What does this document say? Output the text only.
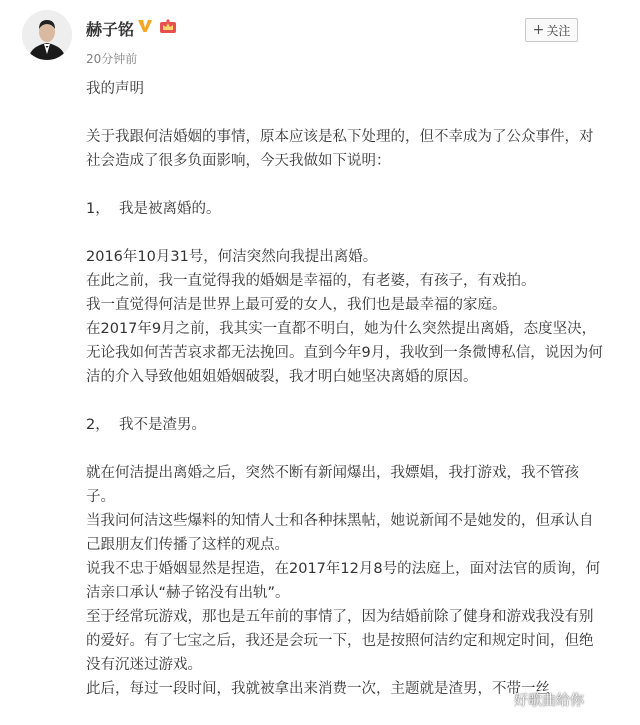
赫子铭
20分钟前
+ 关注

我的声明

关于我跟何洁婚姻的事情，原本应该是私下处理的，但不幸成为了公众事件，对

社会造成了很多负面影响，今天我做如下说明：

1，  我是被离婚的。

2016年10月31号，何洁突然向我提出离婚。

在此之前，我一直觉得我的婚姻是幸福的，有老婆，有孩子，有戏拍。

我一直觉得何洁是世界上最可爱的女人，我们也是最幸福的家庭。

在2017年9月之前，我其实一直都不明白，她为什么突然提出离婚，态度坚决，

无论我如何苦苦哀求都无法挽回。直到今年9月，我收到一条微博私信，说因为何

洁的介入导致他姐姐婚姻破裂，我才明白她坚决离婚的原因。

2，  我不是渣男。

就在何洁提出离婚之后，突然不断有新闻爆出，我嫖娼，我打游戏，我不管孩

子。

当我问何洁这些爆料的知情人士和各种抹黑帖，她说新闻不是她发的，但承认自

己跟朋友们传播了这样的观点。

说我不忠于婚姻显然是捏造，在2017年12月8号的法庭上，面对法官的质询，何

洁亲口承认“赫子铭没有出轨”。

至于经常玩游戏，那也是五年前的事情了，因为结婚前除了健身和游戏我没有别

的爱好。有了七宝之后，我还是会玩一下，也是按照何洁约定和规定时间，但绝

没有沉迷过游戏。

此后，每过一段时间，我就被拿出来消费一次，主题就是渣男，不带一丝

好歌曲给你
